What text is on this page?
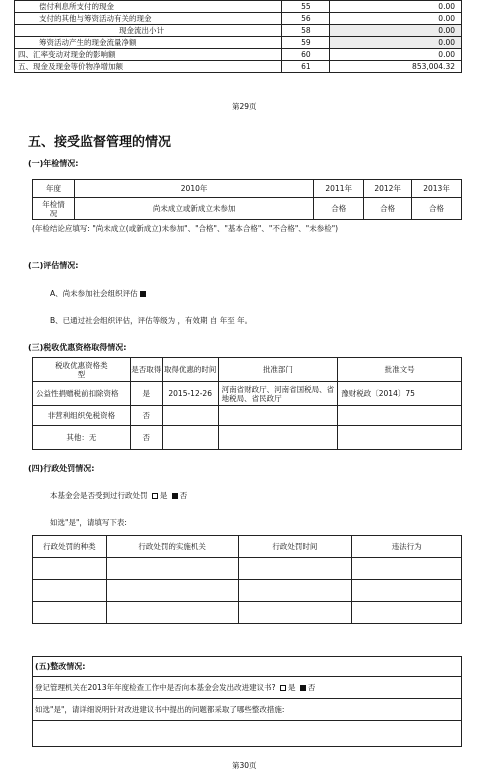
偿付利息所支付的现金	55	0.00
支付的其他与筹资活动有关的现金	56	0.00
现金流出小计	58	0.00
筹资活动产生的现金流量净额	59	0.00
四、汇率变动对现金的影响额	60	0.00
五、现金及现金等价物净增加额	61	853,004.32
第29页
五、接受监督管理的情况
(一)年检情况:
年度	2010年	2011年	2012年	2013年
年检情况	尚未成立或新成立未参加	合格	合格	合格
(年检结论应填写: "尚未成立(或新成立)未参加"、"合格"、"基本合格"、"不合格"、"未参检")
(二)评估情况:
A、尚未参加社会组织评估
B、已通过社会组织评估，评估等级为 ，有效期 自 年至 年。
(三)税收优惠资格取得情况:
税收优惠资格类型	是否取得	取得优惠的时间	批准部门	批准文号
公益性捐赠税前扣除资格	是	2015-12-26	河南省财政厅、河南省国税局、省地税局、省民政厅	豫财税政〔2014〕75
非营利组织免税资格	否			
其他：无	否			
(四)行政处罚情况:
本基金会是否受到过行政处罚 是 否
如选"是"，请填写下表:
行政处罚的种类	行政处罚的实施机关	行政处罚时间	违法行为

(五)整改情况:
登记管理机关在2013年年度检查工作中是否向本基金会发出改进建议书? 是 否
如选"是"，请详细说明针对改进建议书中提出的问题都采取了哪些整改措施:

第30页
